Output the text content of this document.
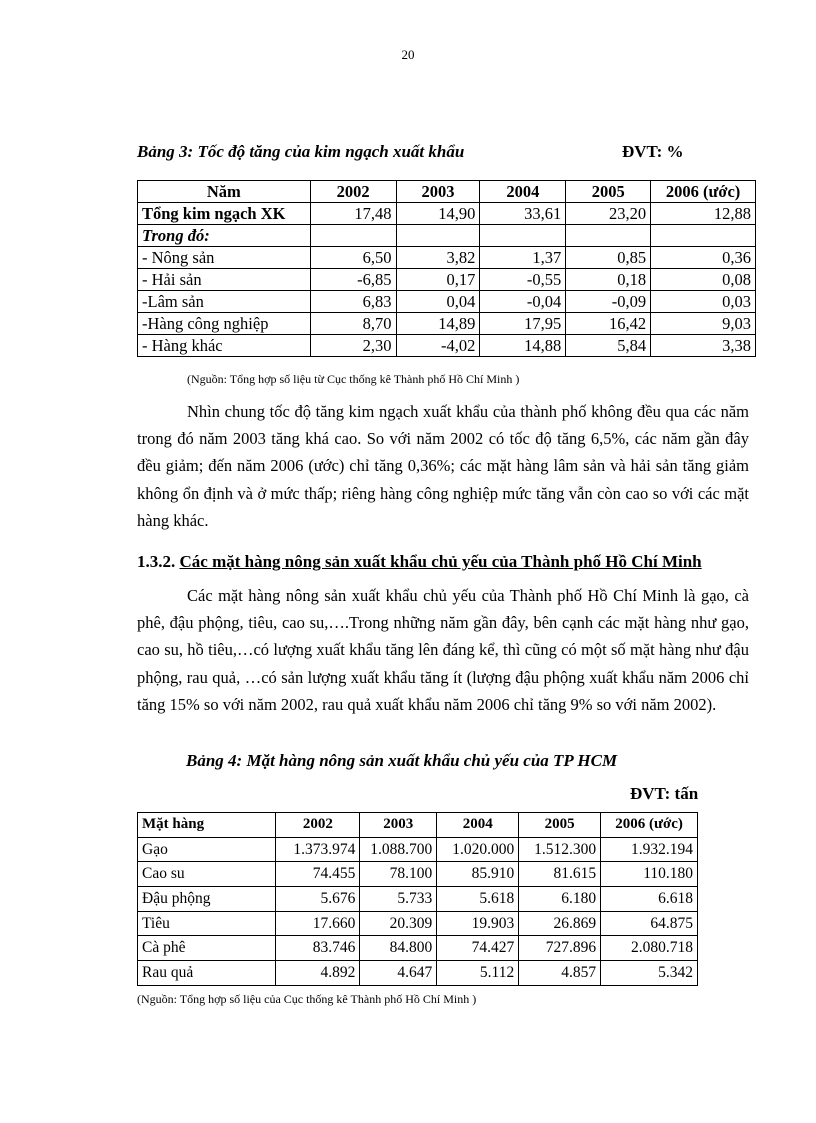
20
Bảng 3: Tốc độ tăng của kim ngạch xuất khẩu	ĐVT: %
Năm	2002	2003	2004	2005	2006 (ước)
Tổng kim ngạch XK	17,48	14,90	33,61	23,20	12,88
Trong đó:					
- Nông sản	6,50	3,82	1,37	0,85	0,36
- Hải sản	-6,85	0,17	-0,55	0,18	0,08
-Lâm sản	6,83	0,04	-0,04	-0,09	0,03
-Hàng công nghiệp	8,70	14,89	17,95	16,42	9,03
- Hàng khác	2,30	-4,02	14,88	5,84	3,38
(Nguồn: Tổng hợp số liệu từ Cục thống kê Thành phố Hồ Chí Minh )

Nhìn chung tốc độ tăng kim ngạch xuất khẩu của thành phố không đều qua các năm trong đó năm 2003 tăng khá cao. So với năm 2002 có tốc độ tăng 6,5%, các năm gần đây đều giảm; đến năm 2006 (ước) chỉ tăng 0,36%; các mặt hàng lâm sản và hải sản tăng giảm không ổn định và ở mức thấp; riêng hàng công nghiệp mức tăng vẫn còn cao so với các mặt hàng khác.

1.3.2. Các mặt hàng nông sản xuất khẩu chủ yếu của Thành phố Hồ Chí Minh

Các mặt hàng nông sản xuất khẩu chủ yếu của Thành phố Hồ Chí Minh là gạo, cà phê, đậu phộng, tiêu, cao su,….Trong những năm gần đây, bên cạnh các mặt hàng như gạo, cao su, hồ tiêu,…có lượng xuất khẩu tăng lên đáng kể, thì cũng có một số mặt hàng như đậu phộng, rau quả, …có sản lượng xuất khẩu tăng ít (lượng đậu phộng xuất khẩu năm 2006 chỉ tăng 15% so với năm 2002, rau quả xuất khẩu năm 2006 chỉ tăng 9% so với năm 2002).

Bảng 4: Mặt hàng nông sản xuất khẩu chủ yếu của TP HCM
ĐVT: tấn
Mặt hàng	2002	2003	2004	2005	2006 (ước)
Gạo	1.373.974	1.088.700	1.020.000	1.512.300	1.932.194
Cao su	74.455	78.100	85.910	81.615	110.180
Đậu phộng	5.676	5.733	5.618	6.180	6.618
Tiêu	17.660	20.309	19.903	26.869	64.875
Cà phê	83.746	84.800	74.427	727.896	2.080.718
Rau quả	4.892	4.647	5.112	4.857	5.342
(Nguồn: Tổng hợp số liệu của Cục thống kê Thành phố Hồ Chí Minh )
